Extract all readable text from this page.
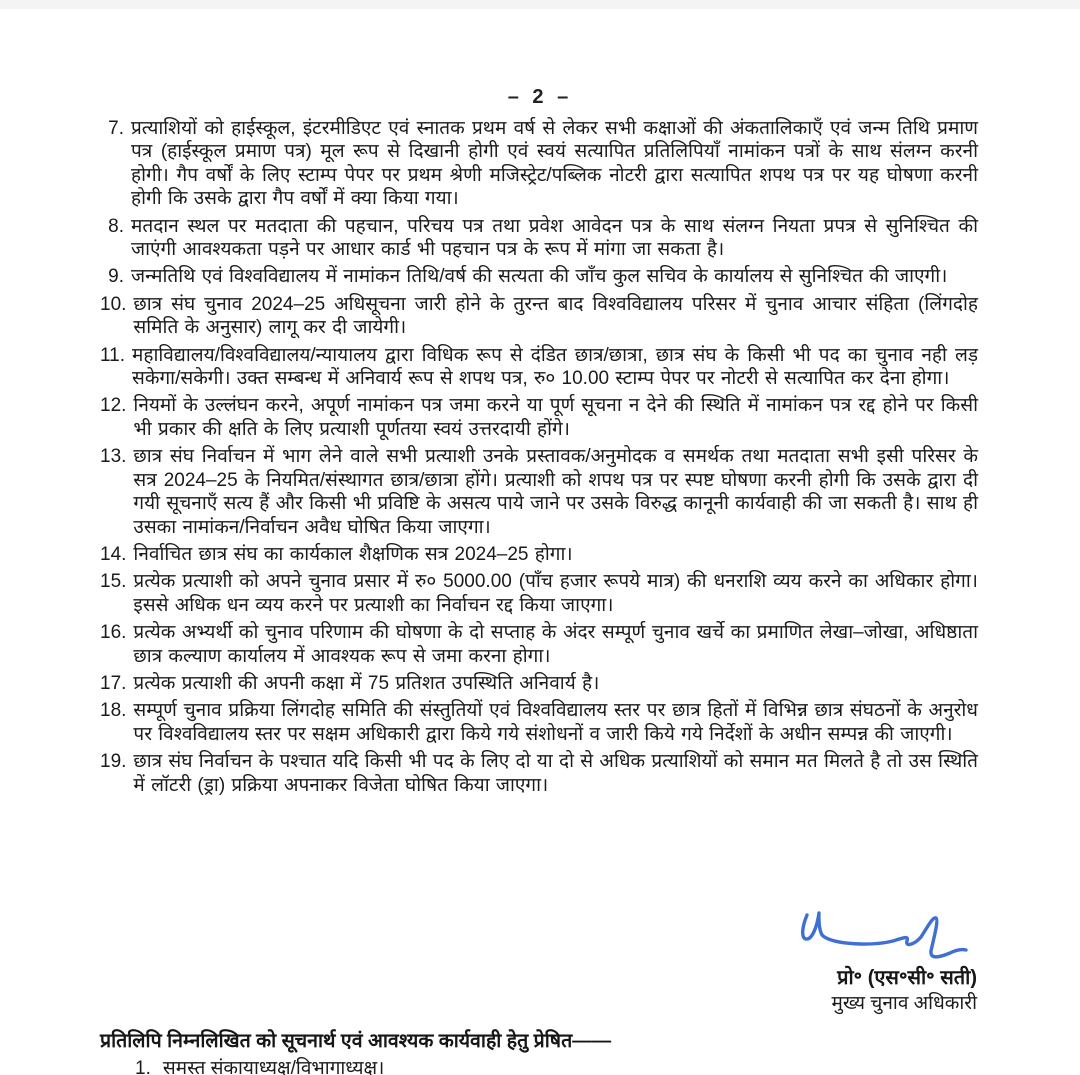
– 2 –
7. प्रत्याशियों को हाईस्कूल, इंटरमीडिएट एवं स्नातक प्रथम वर्ष से लेकर सभी कक्षाओं की अंकतालिकाएँ एवं जन्म तिथि प्रमाण पत्र (हाईस्कूल प्रमाण पत्र) मूल रूप से दिखानी होगी एवं स्वयं सत्यापित प्रतिलिपियाँ नामांकन पत्रों के साथ संलग्न करनी होगी। गैप वर्षों के लिए स्टाम्प पेपर पर प्रथम श्रेणी मजिस्ट्रेट/पब्लिक नोटरी द्वारा सत्यापित शपथ पत्र पर यह घोषणा करनी होगी कि उसके द्वारा गैप वर्षों में क्या किया गया।
8. मतदान स्थल पर मतदाता की पहचान, परिचय पत्र तथा प्रवेश आवेदन पत्र के साथ संलग्न नियता प्रपत्र से सुनिश्चित की जाएंगी आवश्यकता पड़ने पर आधार कार्ड भी पहचान पत्र के रूप में मांगा जा सकता है।
9. जन्मतिथि एवं विश्वविद्यालय में नामांकन तिथि/वर्ष की सत्यता की जाँच कुल सचिव के कार्यालय से सुनिश्चित की जाएगी।
10. छात्र संघ चुनाव 2024–25 अधिसूचना जारी होने के तुरन्त बाद विश्वविद्यालय परिसर में चुनाव आचार संहिता (लिंगदोह समिति के अनुसार) लागू कर दी जायेगी।
11. महाविद्यालय/विश्वविद्यालय/न्यायालय द्वारा विधिक रूप से दंडित छात्र/छात्रा, छात्र संघ के किसी भी पद का चुनाव नही लड़ सकेगा/सकेगी। उक्त सम्बन्ध में अनिवार्य रूप से शपथ पत्र, रु० 10.00 स्टाम्प पेपर पर नोटरी से सत्यापित कर देना होगा।
12. नियमों के उल्लंघन करने, अपूर्ण नामांकन पत्र जमा करने या पूर्ण सूचना न देने की स्थिति में नामांकन पत्र रद्द होने पर किसी भी प्रकार की क्षति के लिए प्रत्याशी पूर्णतया स्वयं उत्तरदायी होंगे।
13. छात्र संघ निर्वाचन में भाग लेने वाले सभी प्रत्याशी उनके प्रस्तावक/अनुमोदक व समर्थक तथा मतदाता सभी इसी परिसर के सत्र 2024–25 के नियमित/संस्थागत छात्र/छात्रा होंगे। प्रत्याशी को शपथ पत्र पर स्पष्ट घोषणा करनी होगी कि उसके द्वारा दी गयी सूचनाएँ सत्य हैं और किसी भी प्रविष्टि के असत्य पाये जाने पर उसके विरुद्ध कानूनी कार्यवाही की जा सकती है। साथ ही उसका नामांकन/निर्वाचन अवैध घोषित किया जाएगा।
14. निर्वाचित छात्र संघ का कार्यकाल शैक्षणिक सत्र 2024–25 होगा।
15. प्रत्येक प्रत्याशी को अपने चुनाव प्रसार में रु० 5000.00 (पाँच हजार रूपये मात्र) की धनराशि व्यय करने का अधिकार होगा। इससे अधिक धन व्यय करने पर प्रत्याशी का निर्वाचन रद्द किया जाएगा।
16. प्रत्येक अभ्यर्थी को चुनाव परिणाम की घोषणा के दो सप्ताह के अंदर सम्पूर्ण चुनाव खर्चे का प्रमाणित लेखा–जोखा, अधिष्ठाता छात्र कल्याण कार्यालय में आवश्यक रूप से जमा करना होगा।
17. प्रत्येक प्रत्याशी की अपनी कक्षा में 75 प्रतिशत उपस्थिति अनिवार्य है।
18. सम्पूर्ण चुनाव प्रक्रिया लिंगदोह समिति की संस्तुतियों एवं विश्वविद्यालय स्तर पर छात्र हितों में विभिन्न छात्र संघठनों के अनुरोध पर विश्वविद्यालय स्तर पर सक्षम अधिकारी द्वारा किये गये संशोधनों व जारी किये गये निर्देशों के अधीन सम्पन्न की जाएगी।
19. छात्र संघ निर्वाचन के पश्चात यदि किसी भी पद के लिए दो या दो से अधिक प्रत्याशियों को समान मत मिलते है तो उस स्थिति में लॉटरी (ड्रा) प्रक्रिया अपनाकर विजेता घोषित किया जाएगा।
प्रो॰ (एस॰सी॰ सती)
मुख्य चुनाव अधिकारी
प्रतिलिपि निम्नलिखित को सूचनार्थ एवं आवश्यक कार्यवाही हेतु प्रेषित——
1. समस्त संकायाध्यक्ष/विभागाध्यक्ष।
